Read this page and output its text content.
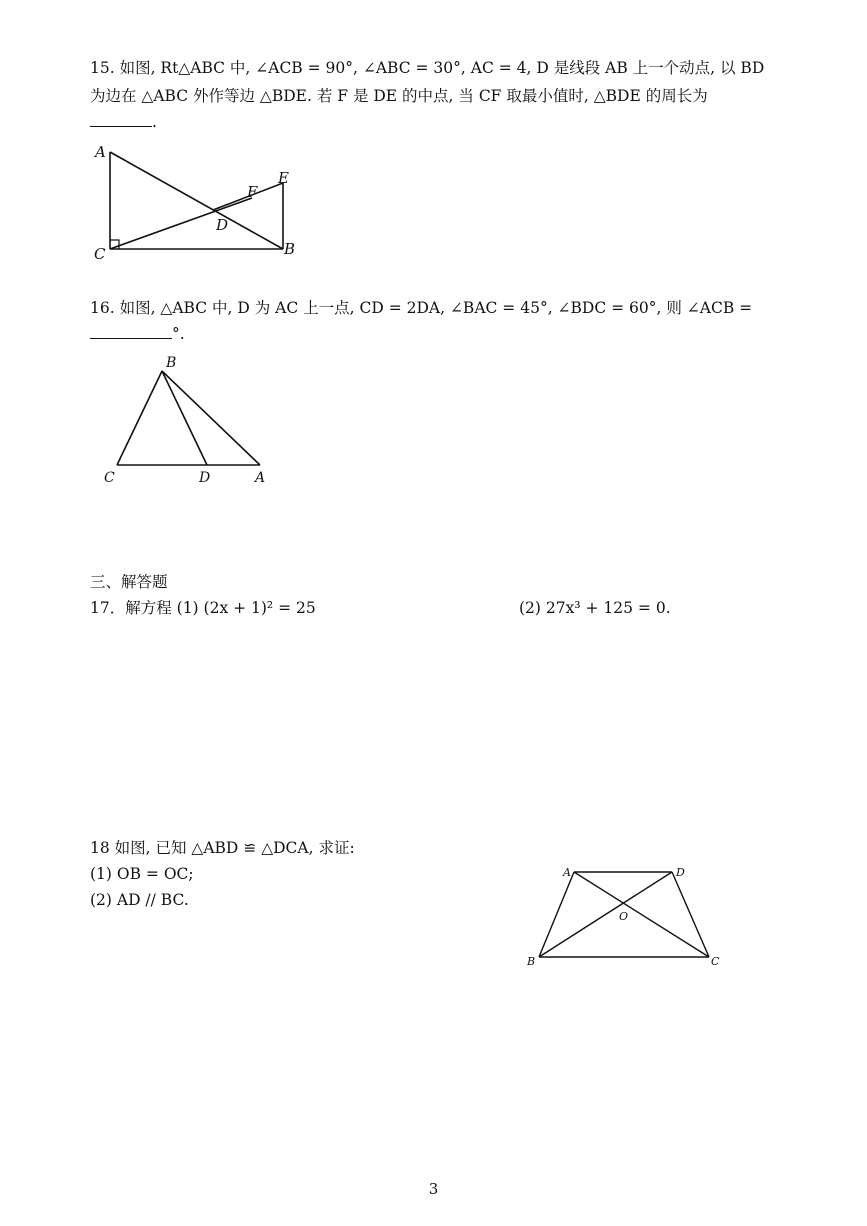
15. 如图, Rt△ABC 中, ∠ACB = 90°, ∠ABC = 30°, AC = 4, D 是线段 AB 上一个动点, 以 BD
为边在 △ABC 外作等边 △BDE. 若 F 是 DE 的中点, 当 CF 取最小值时, △BDE 的周长为
.
A
C	B
E
F
D
16. 如图, △ABC 中, D 为 AC 上一点, CD = 2DA, ∠BAC = 45°, ∠BDC = 60°, 则 ∠ACB =
°.
B
C	D	A
三、解答题
17．解方程 (1) (2x + 1)² = 25	(2) 27x³ + 125 = 0.
18 如图, 已知 △ABD ≌ △DCA, 求证:
(1) OB = OC;
(2) AD // BC.
A	D
B	C
O
3
